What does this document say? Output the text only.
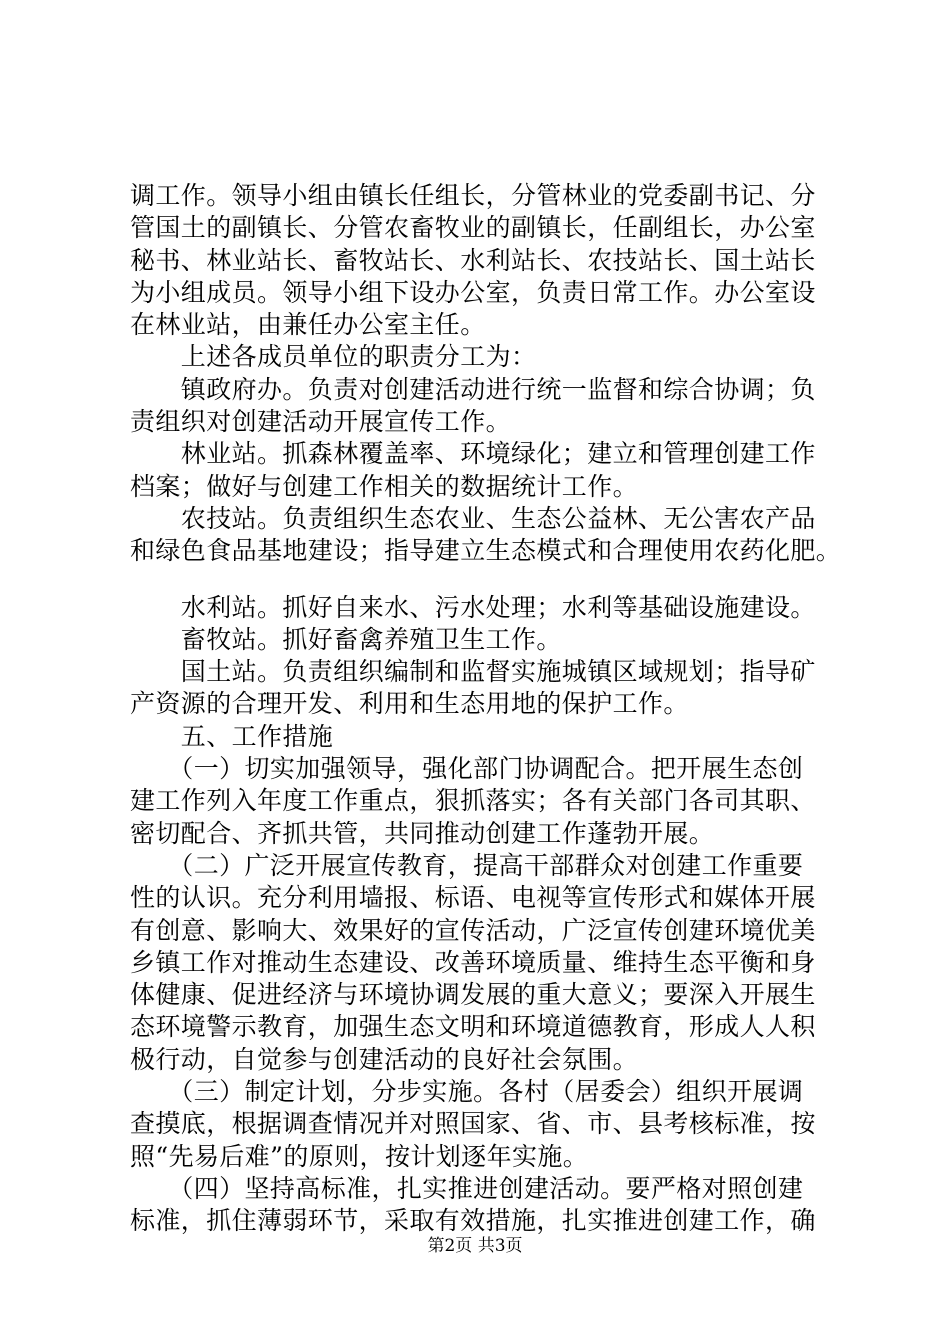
调工作。领导小组由镇长任组长，分管林业的党委副书记、分
管国土的副镇长、分管农畜牧业的副镇长，任副组长，办公室
秘书、林业站长、畜牧站长、水利站长、农技站长、国土站长
为小组成员。领导小组下设办公室，负责日常工作。办公室设
在林业站，由兼任办公室主任。
　　上述各成员单位的职责分工为：
　　镇政府办。负责对创建活动进行统一监督和综合协调；负
责组织对创建活动开展宣传工作。
　　林业站。抓森林覆盖率、环境绿化；建立和管理创建工作
档案；做好与创建工作相关的数据统计工作。
　　农技站。负责组织生态农业、生态公益林、无公害农产品
和绿色食品基地建设；指导建立生态模式和合理使用农药化肥。
　　水利站。抓好自来水、污水处理；水利等基础设施建设。
　　畜牧站。抓好畜禽养殖卫生工作。
　　国土站。负责组织编制和监督实施城镇区域规划；指导矿
产资源的合理开发、利用和生态用地的保护工作。
　　五、工作措施
　　（一）切实加强领导，强化部门协调配合。把开展生态创
建工作列入年度工作重点，狠抓落实；各有关部门各司其职、
密切配合、齐抓共管，共同推动创建工作蓬勃开展。
　　（二）广泛开展宣传教育，提高干部群众对创建工作重要
性的认识。充分利用墙报、标语、电视等宣传形式和媒体开展
有创意、影响大、效果好的宣传活动，广泛宣传创建环境优美
乡镇工作对推动生态建设、改善环境质量、维持生态平衡和身
体健康、促进经济与环境协调发展的重大意义；要深入开展生
态环境警示教育，加强生态文明和环境道德教育，形成人人积
极行动，自觉参与创建活动的良好社会氛围。
　　（三）制定计划，分步实施。各村（居委会）组织开展调
查摸底，根据调查情况并对照国家、省、市、县考核标准，按
照“先易后难”的原则，按计划逐年实施。
　　（四）坚持高标准，扎实推进创建活动。要严格对照创建
标准，抓住薄弱环节，采取有效措施，扎实推进创建工作，确
第2页 共3页
